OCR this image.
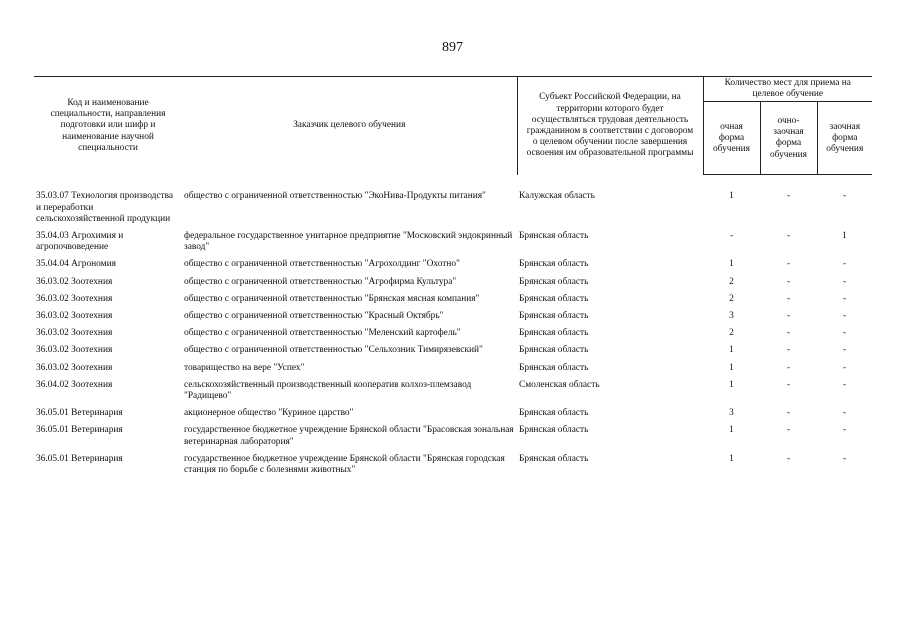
897
Код и наименование специальности, направления подготовки или шифр и наименование научной специальности	Заказчик целевого обучения	Субъект Российской Федерации, на территории которого будет осуществляться трудовая деятельность гражданином в соответствии с договором о целевом обучении после завершения освоения им образовательной программы	Количество мест для приема на целевое обучение		
			очная форма обучения	очно-заочная форма обучения	заочная форма обучения

35.03.07 Технология производства и переработки сельскохозяйственной продукции	общество с ограниченной ответственностью "ЭкоНива-Продукты питания"	Калужская область	1	-	-
35.04.03 Агрохимия и агропочвоведение	федеральное государственное унитарное предприятие "Московский эндокринный завод"	Брянская область	-	-	1
35.04.04 Агрономия	общество с ограниченной ответственностью "Агрохолдинг "Охотно"	Брянская область	1	-	-
36.03.02 Зоотехния	общество с ограниченной ответственностью "Агрофирма Культура"	Брянская область	2	-	-
36.03.02 Зоотехния	общество с ограниченной ответственностью "Брянская мясная компания"	Брянская область	2	-	-
36.03.02 Зоотехния	общество с ограниченной ответственностью "Красный Октябрь"	Брянская область	3	-	-
36.03.02 Зоотехния	общество с ограниченной ответственностью "Меленский картофель"	Брянская область	2	-	-
36.03.02 Зоотехния	общество с ограниченной ответственностью "Сельхозник Тимирязевский"	Брянская область	1	-	-
36.03.02 Зоотехния	товарищество на вере "Успех"	Брянская область	1	-	-
36.04.02 Зоотехния	сельскохозяйственный производственный кооператив колхоз-племзавод "Радищево"	Смоленская область	1	-	-
36.05.01 Ветеринария	акционерное общество "Куриное царство"	Брянская область	3	-	-
36.05.01 Ветеринария	государственное бюджетное учреждение Брянской области "Брасовская зональная ветеринарная лаборатория"	Брянская область	1	-	-
36.05.01 Ветеринария	государственное бюджетное учреждение Брянской области "Брянская городская станция по борьбе с болезнями животных"	Брянская область	1	-	-
